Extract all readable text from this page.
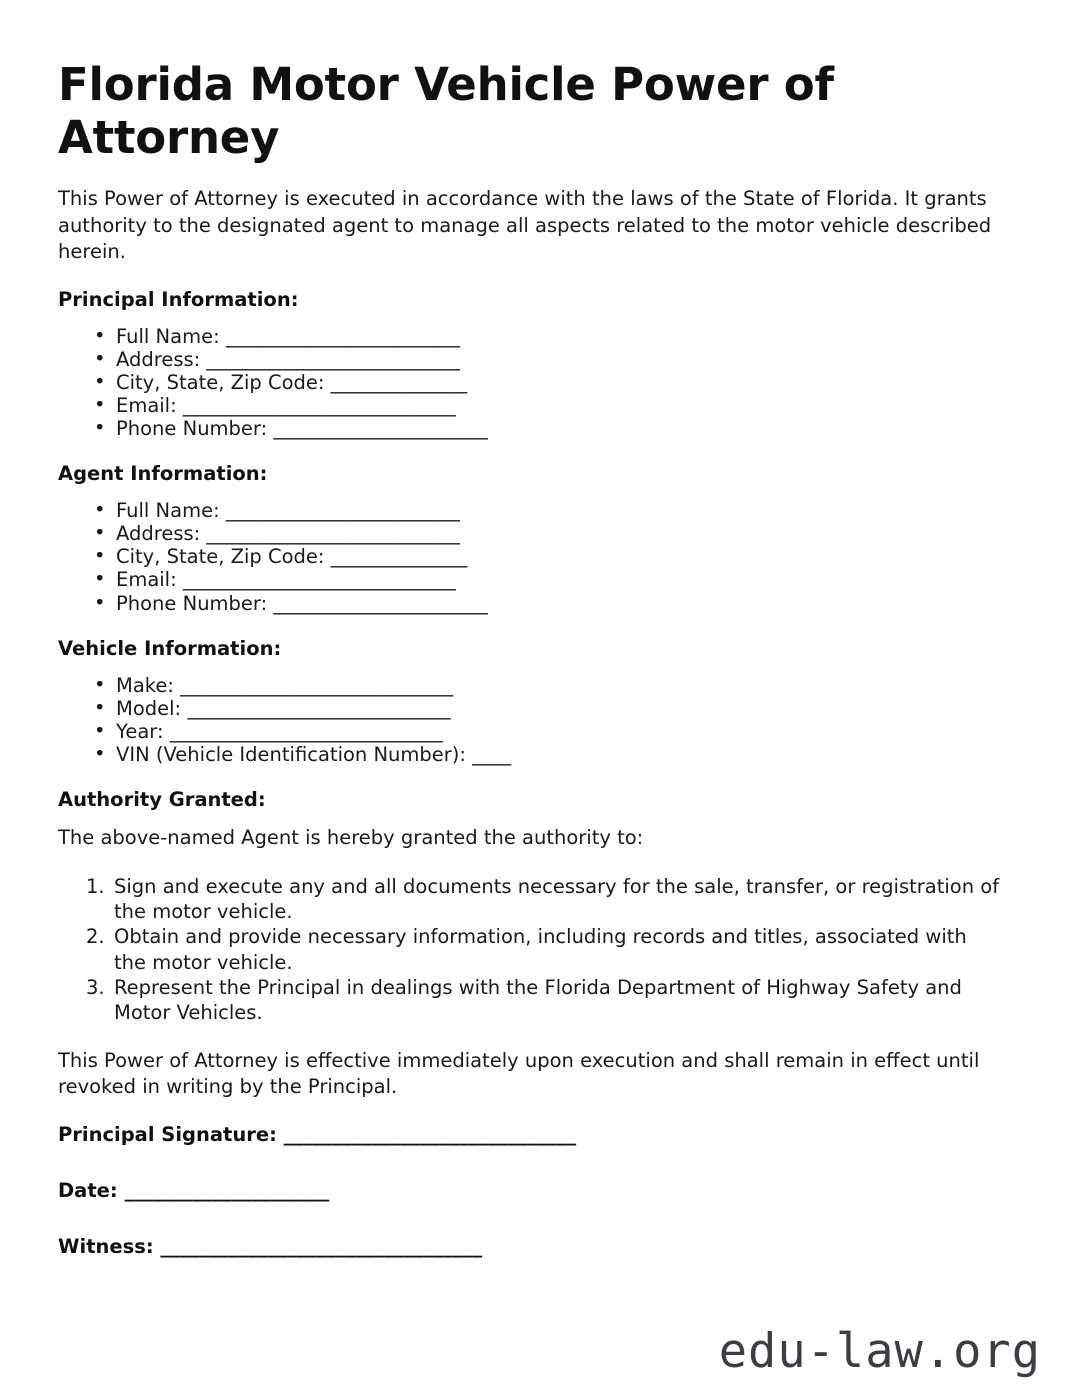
Florida Motor Vehicle Power of Attorney

This Power of Attorney is executed in accordance with the laws of the State of Florida. It grants authority to the designated agent to manage all aspects related to the motor vehicle described herein.

Principal Information:
• Full Name: ________________________
• Address: __________________________
• City, State, Zip Code: ______________
• Email: ____________________________
• Phone Number: ______________________
Agent Information:
• Full Name: ________________________
• Address: __________________________
• City, State, Zip Code: ______________
• Email: ____________________________
• Phone Number: ______________________
Vehicle Information:
• Make: ____________________________
• Model: ___________________________
• Year: ____________________________
• VIN (Vehicle Identification Number): ____
Authority Granted:

The above-named Agent is hereby granted the authority to:

Sign and execute any and all documents necessary for the sale, transfer, or registration of the motor vehicle.
Obtain and provide necessary information, including records and titles, associated with the motor vehicle.
Represent the Principal in dealings with the Florida Department of Highway Safety and Motor Vehicles.

This Power of Attorney is effective immediately upon execution and shall remain in effect until revoked in writing by the Principal.

Principal Signature: ______________________________
Date: _____________________
Witness: _________________________________
edu-law.org
